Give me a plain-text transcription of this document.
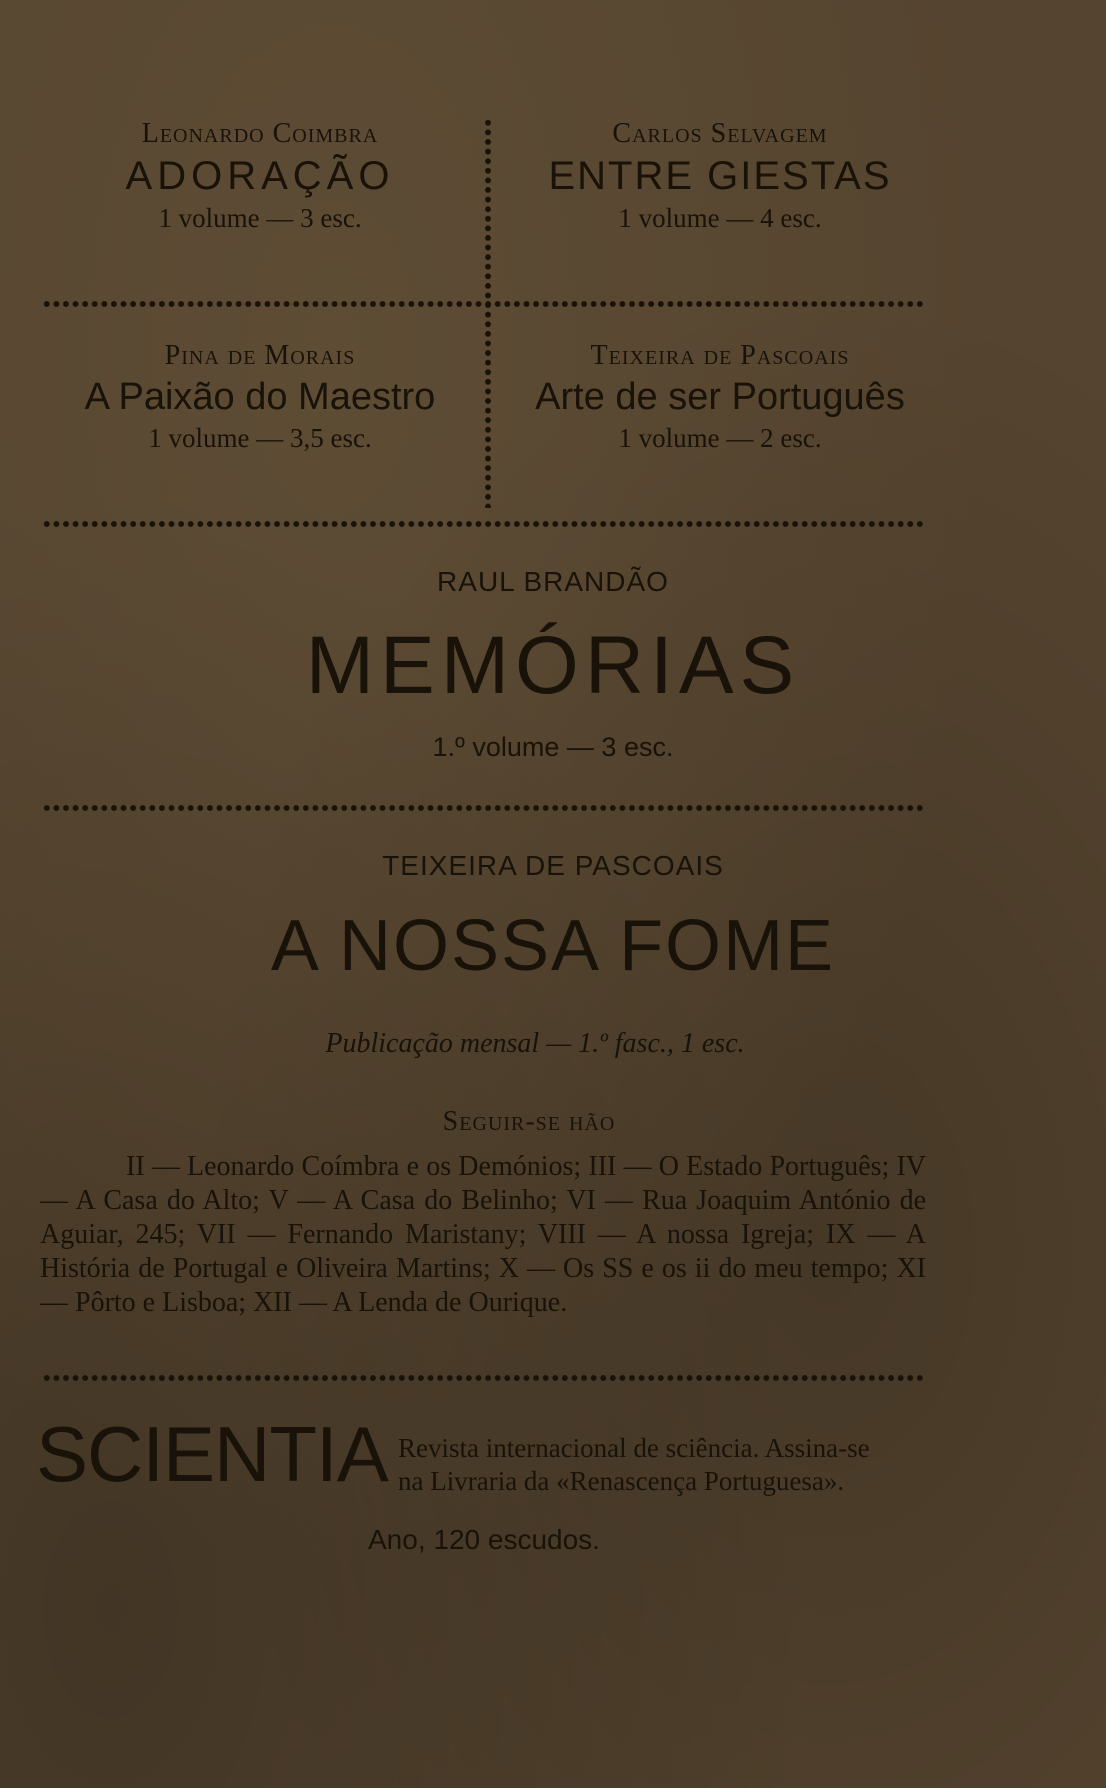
Leonardo Coimbra
ADORAÇÃO
1 volume — 3 esc.
Carlos Selvagem
ENTRE GIESTAS
1 volume — 4 esc.
Pina de Morais
A Paixão do Maestro
1 volume — 3,5 esc.
Teixeira de Pascoais
Arte de ser Português
1 volume — 2 esc.
RAUL BRANDÃO
MEMÓRIAS
1.º volume — 3 esc.
TEIXEIRA DE PASCOAIS
A NOSSA FOME
Publicação mensal — 1.º fasc., 1 esc.
Seguir-se hão
II — Leonardo Coímbra e os Demónios; III — O Estado Português; IV — A Casa do Alto; V — A Casa do Belinho; VI — Rua Joaquim António de Aguiar, 245; VII — Fernando Maristany; VIII — A nossa Igreja; IX — A História de Portugal e Oliveira Martins; X — Os SS e os ii do meu tempo; XI — Pôrto e Lisboa; XII — A Lenda de Ourique.
SCIENTIA Revista internacional de sciência. Assina-se
na Livraria da «Renascença Portuguesa».
Ano, 120 escudos.
